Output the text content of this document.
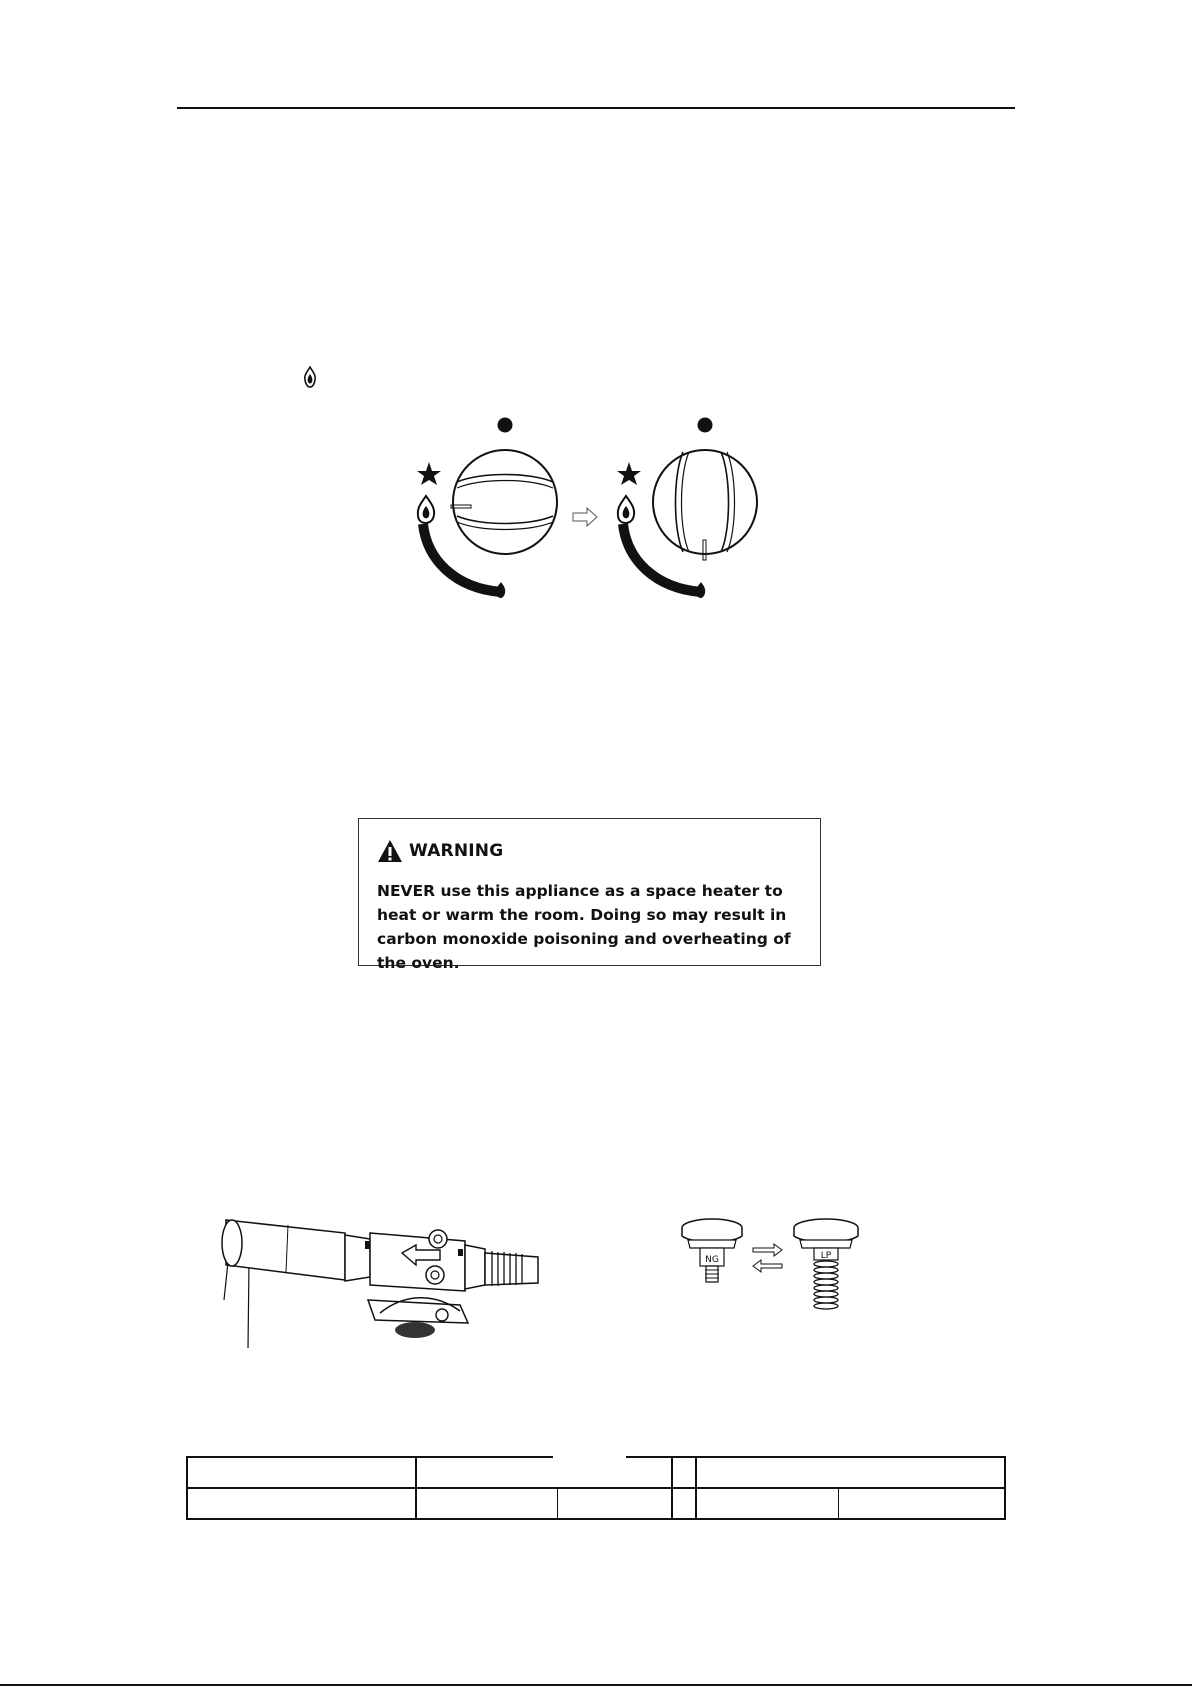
WARNING
NEVER use this appliance as a space heater to heat or warm the room. Doing so may result in carbon monoxide poisoning and overheating of the oven.
NG	LP
